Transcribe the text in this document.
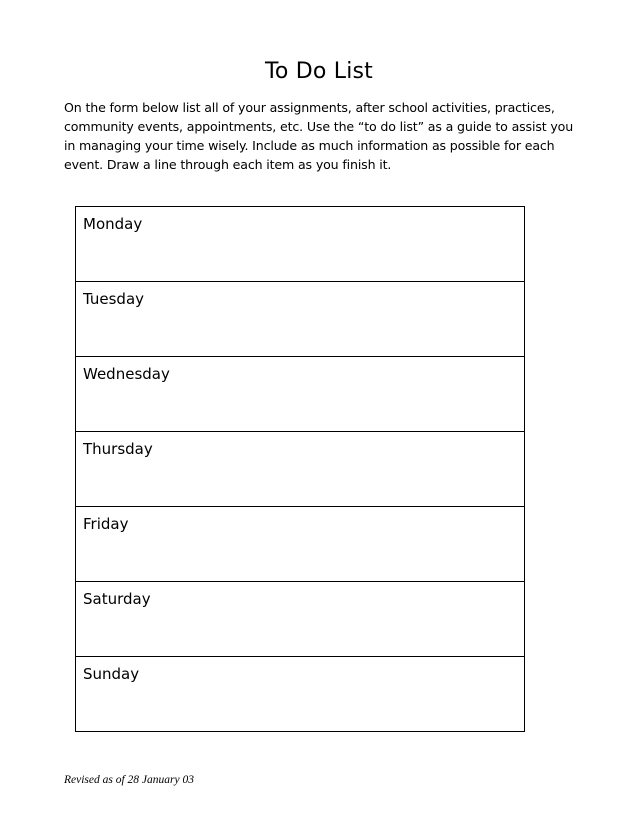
To Do List
On the form below list all of your assignments, after school activities, practices,
community events, appointments, etc. Use the “to do list” as a guide to assist you
in managing your time wisely. Include as much information as possible for each
event. Draw a line through each item as you finish it.
Monday
Tuesday
Wednesday
Thursday
Friday
Saturday
Sunday
Revised as of 28 January 03
